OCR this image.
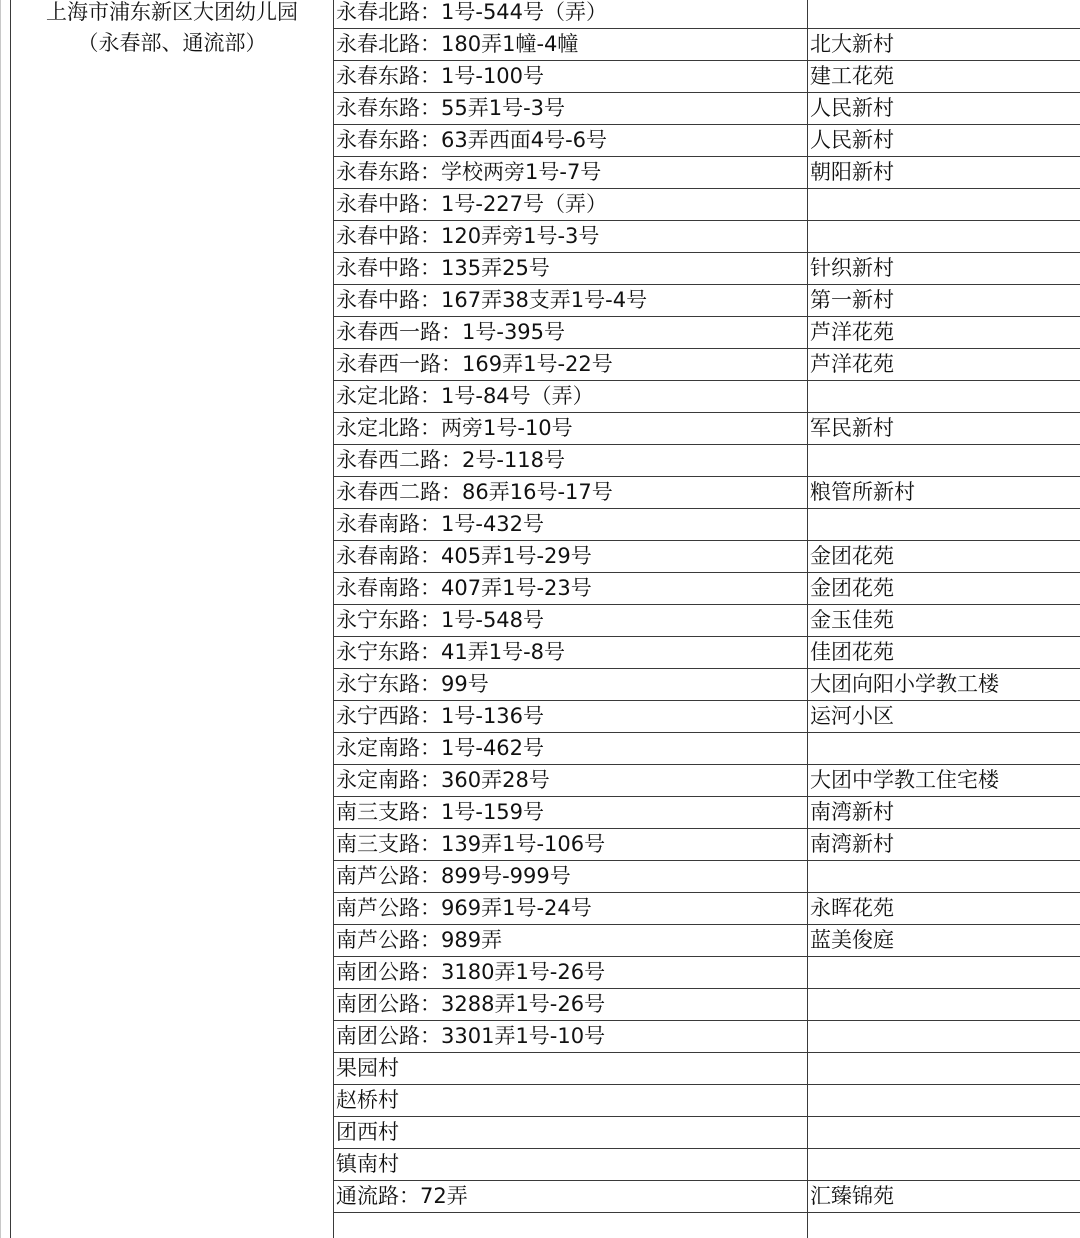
上海市浦东新区大团幼儿园
（永春部、通流部）	永春北路：1号-544号（弄）	
	永春北路：180弄1幢-4幢	北大新村
	永春东路：1号-100号	建工花苑
	永春东路：55弄1号-3号	人民新村
	永春东路：63弄西面4号-6号	人民新村
	永春东路：学校两旁1号-7号	朝阳新村
	永春中路：1号-227号（弄）	
	永春中路：120弄旁1号-3号	
	永春中路：135弄25号	针织新村
	永春中路：167弄38支弄1号-4号	第一新村
	永春西一路：1号-395号	芦洋花苑
	永春西一路：169弄1号-22号	芦洋花苑
	永定北路：1号-84号（弄）	
	永定北路：两旁1号-10号	军民新村
	永春西二路：2号-118号	
	永春西二路：86弄16号-17号	粮管所新村
	永春南路：1号-432号	
	永春南路：405弄1号-29号	金团花苑
	永春南路：407弄1号-23号	金团花苑
	永宁东路：1号-548号	金玉佳苑
	永宁东路：41弄1号-8号	佳团花苑
	永宁东路：99号	大团向阳小学教工楼
	永宁西路：1号-136号	运河小区
	永定南路：1号-462号	
	永定南路：360弄28号	大团中学教工住宅楼
	南三支路：1号-159号	南湾新村
	南三支路：139弄1号-106号	南湾新村
	南芦公路：899号-999号	
	南芦公路：969弄1号-24号	永晖花苑
	南芦公路：989弄	蓝美俊庭
	南团公路：3180弄1号-26号	
	南团公路：3288弄1号-26号	
	南团公路：3301弄1号-10号	
	果园村	
	赵桥村	
	团西村	
	镇南村	
	通流路：72弄	汇臻锦苑
